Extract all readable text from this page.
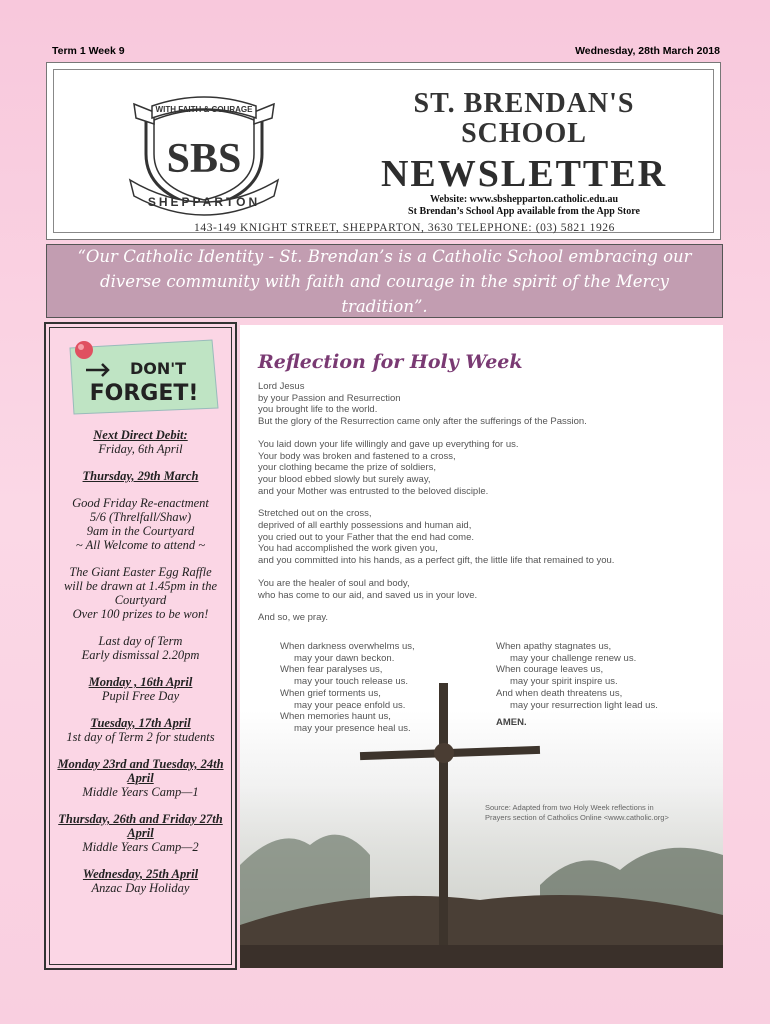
Term 1 Week 9	Wednesday, 28th March 2018
WITH FAITH & COURAGE
SBS
SHEPPARTON
ST. BRENDAN'S
SCHOOL
NEWSLETTER
Website: www.sbshepparton.catholic.edu.au
St Brendan’s School App available from the App Store
143-149 KNIGHT STREET, SHEPPARTON, 3630 TELEPHONE: (03) 5821 1926
“Our Catholic Identity - St. Brendan’s is a Catholic School embracing our diverse community with faith and courage in the spirit of the Mercy tradition”.
DON'T
FORGET!
Next Direct Debit:
Friday, 6th April
Thursday, 29th March
Good Friday Re-enactment
5/6 (Threlfall/Shaw)
9am in the Courtyard
~ All Welcome to attend ~
The Giant Easter Egg Raffle
will be drawn at 1.45pm in the
Courtyard
Over 100 prizes to be won!
Last day of Term
Early dismissal 2.20pm
Monday , 16th April
Pupil Free Day
Tuesday, 17th April
1st day of Term 2 for students
Monday 23rd and Tuesday, 24th April
Middle Years Camp—1
Thursday, 26th and Friday 27th April
Middle Years Camp—2
Wednesday, 25th April
Anzac Day Holiday
Reflection for Holy Week

Lord Jesus
by your Passion and Resurrection
you brought life to the world.
But the glory of the Resurrection came only after the sufferings of the Passion.

You laid down your life willingly and gave up everything for us.
Your body was broken and fastened to a cross,
your clothing became the prize of soldiers,
your blood ebbed slowly but surely away,
and your Mother was entrusted to the beloved disciple.

Stretched out on the cross,
deprived of all earthly possessions and human aid,
you cried out to your Father that the end had come.
You had accomplished the work given you,
and you committed into his hands, as a perfect gift, the little life that remained to you.

You are the healer of soul and body,
who has come to our aid, and saved us in your love.

And so, we pray.

When darkness overwhelms us,
may your dawn beckon.
When fear paralyses us,
may your touch release us.
When grief torments us,
may your peace enfold us.
When memories haunt us,
may your presence heal us.
When apathy stagnates us,
may your challenge renew us.
When courage leaves us,
may your spirit inspire us.
And when death threatens us,
may your resurrection light lead us.
AMEN.
Source: Adapted from two Holy Week reflections in
Prayers section of Catholics Online <www.catholic.org>
